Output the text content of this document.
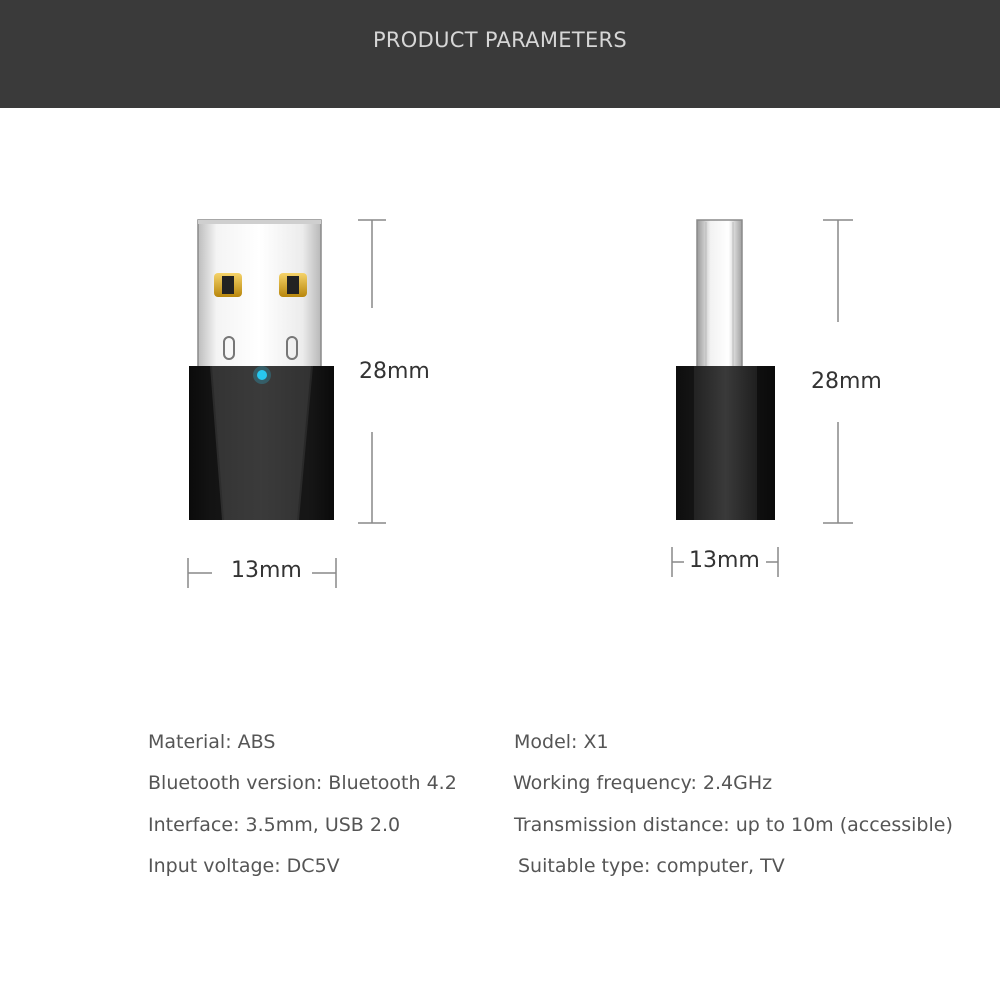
PRODUCT PARAMETERS
28mm
13mm
28mm
13mm
Material: ABS
Bluetooth version: Bluetooth 4.2
Interface: 3.5mm, USB 2.0
Input voltage: DC5V
Model: X1
Working frequency: 2.4GHz
Transmission distance: up to 10m (accessible)
Suitable type: computer, TV
